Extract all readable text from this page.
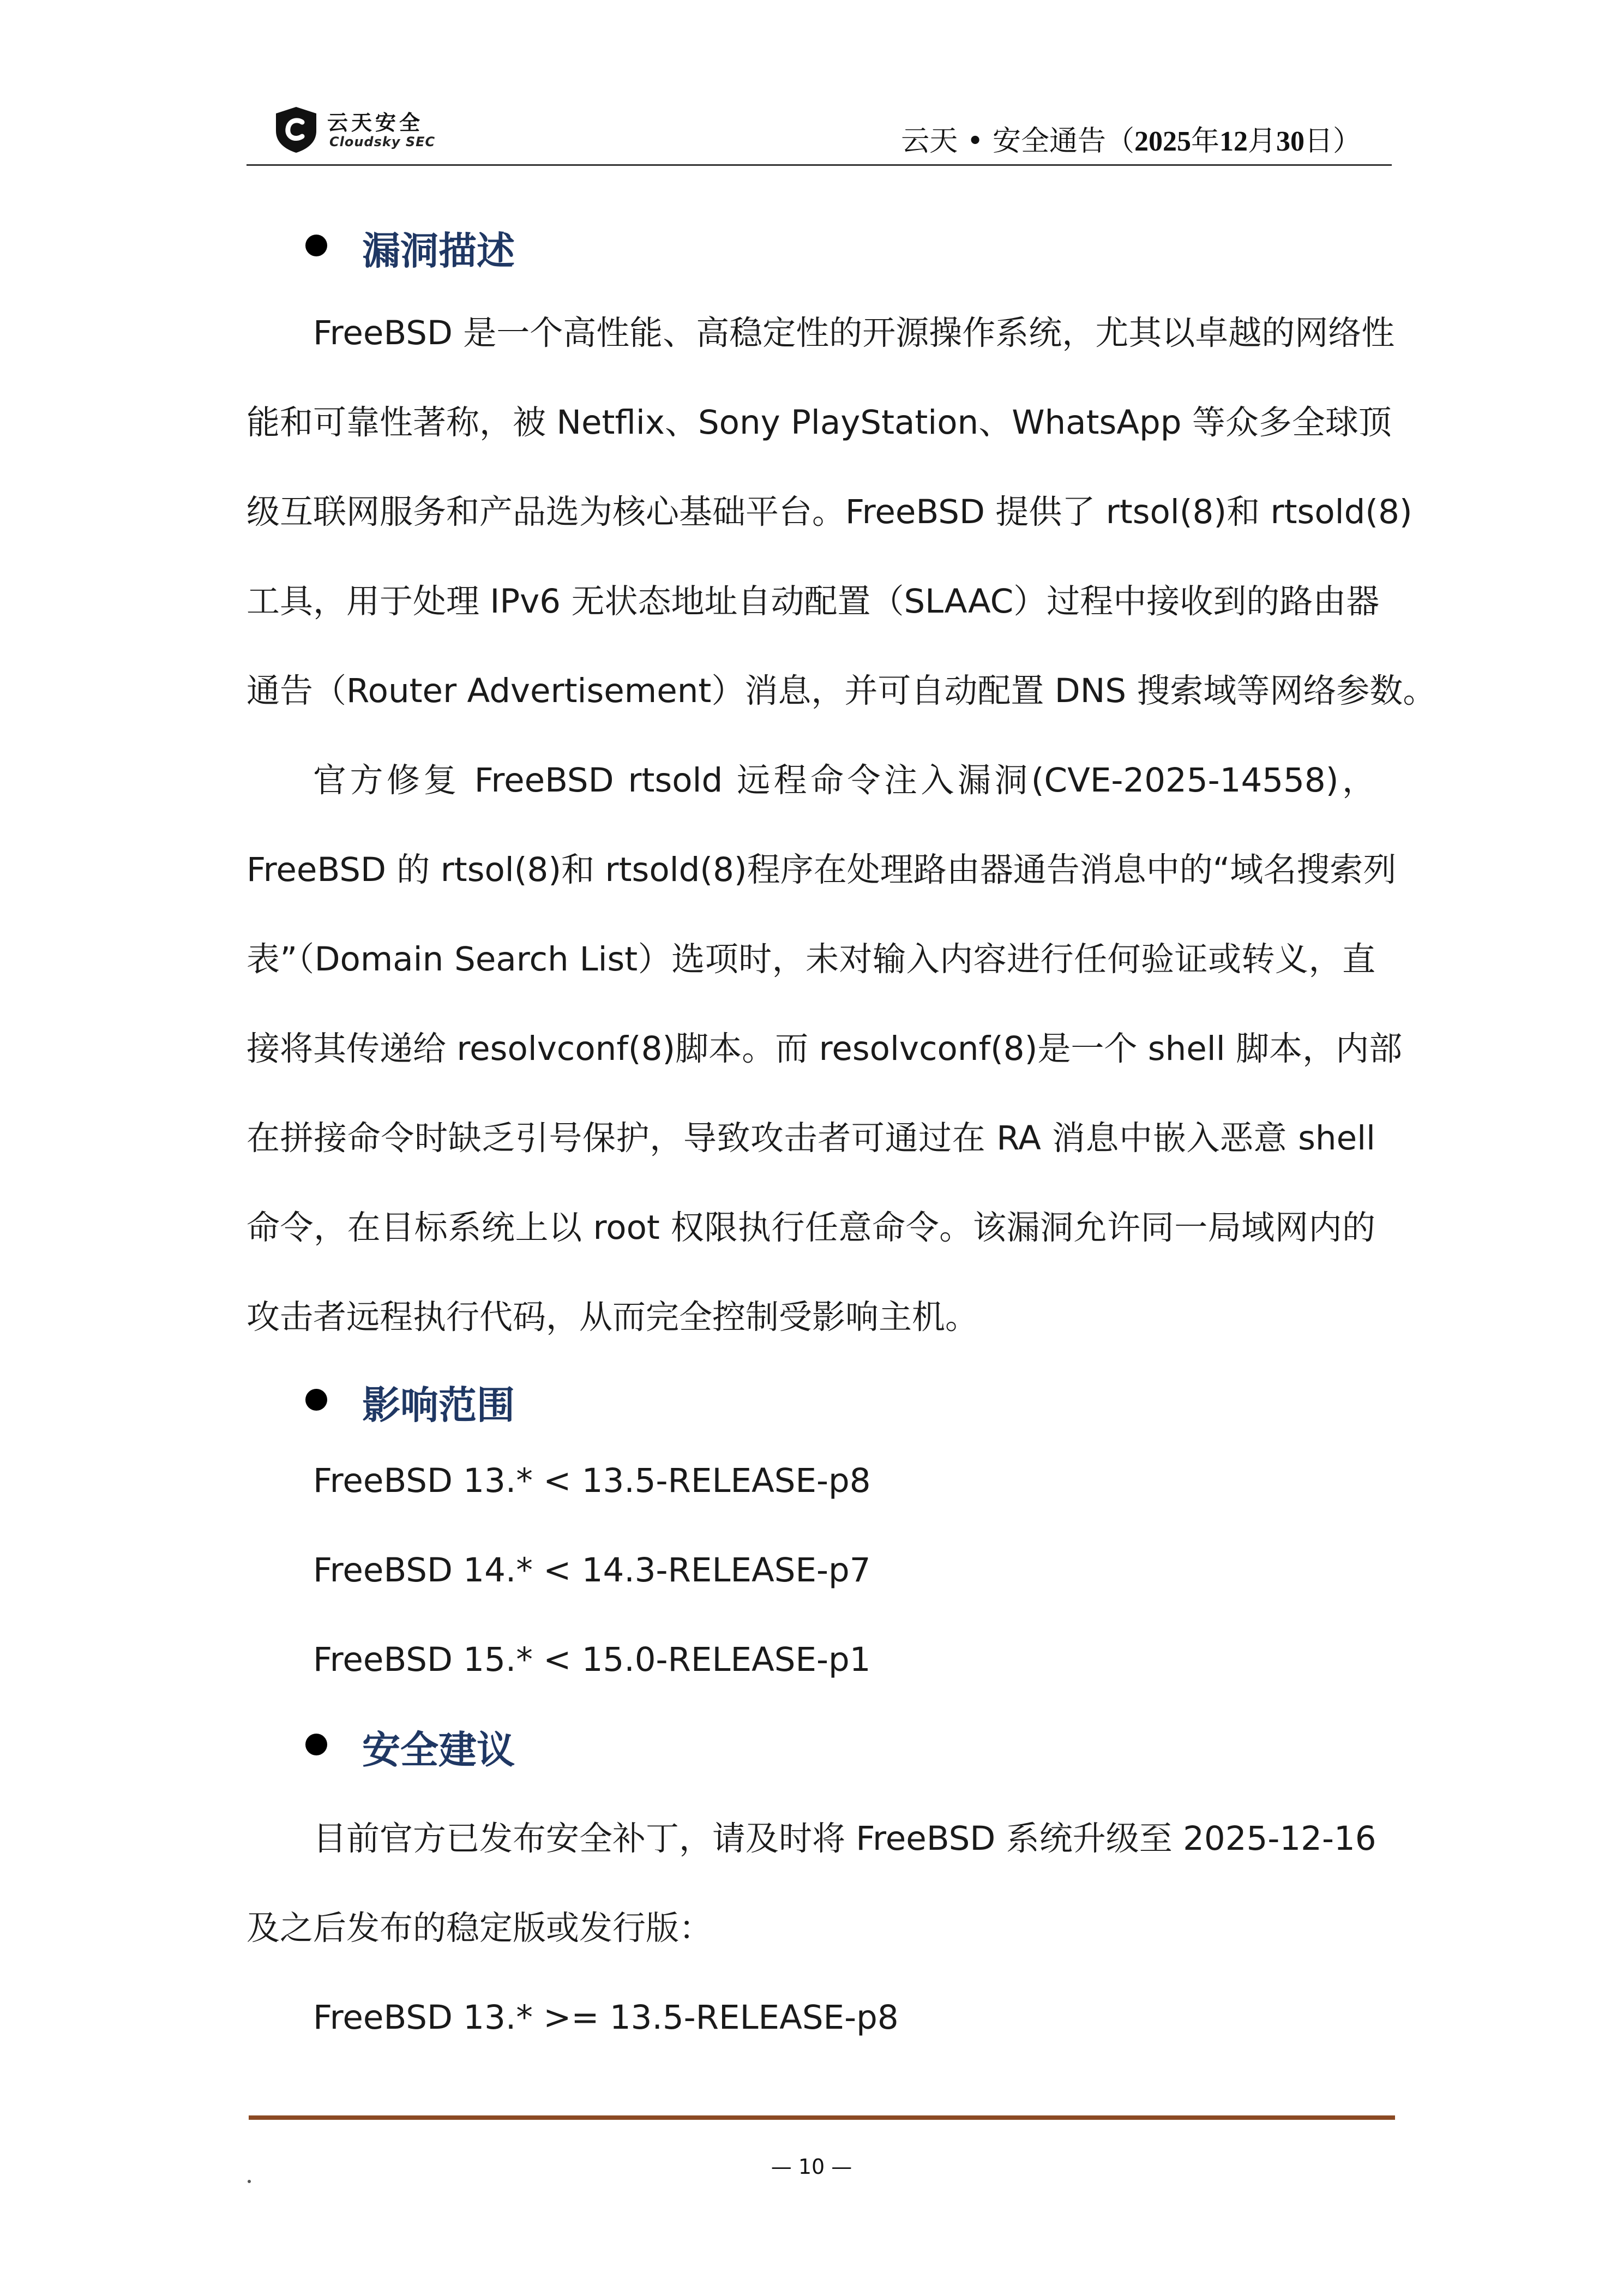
云天安全
Cloudsky SEC	云天 • 安全通告（2025年12月30日）
漏洞描述
FreeBSD 是一个高性能、高稳定性的开源操作系统，尤其以卓越的网络性
能和可靠性著称，被 Netflix、Sony PlayStation、WhatsApp 等众多全球顶
级互联网服务和产品选为核心基础平台。FreeBSD 提供了 rtsol(8)和 rtsold(8)
工具，用于处理 IPv6 无状态地址自动配置（SLAAC）过程中接收到的路由器
通告（Router Advertisement）消息，并可自动配置 DNS 搜索域等网络参数。
官方修复 FreeBSD rtsold 远程命令注入漏洞(CVE-2025-14558)，
FreeBSD 的 rtsol(8)和 rtsold(8)程序在处理路由器通告消息中的“域名搜索列
表”（Domain Search List）选项时，未对输入内容进行任何验证或转义，直
接将其传递给 resolvconf(8)脚本。而 resolvconf(8)是一个 shell 脚本，内部
在拼接命令时缺乏引号保护，导致攻击者可通过在 RA 消息中嵌入恶意 shell
命令，在目标系统上以 root 权限执行任意命令。该漏洞允许同一局域网内的
攻击者远程执行代码，从而完全控制受影响主机。
影响范围
FreeBSD 13.* < 13.5-RELEASE-p8
FreeBSD 14.* < 14.3-RELEASE-p7
FreeBSD 15.* < 15.0-RELEASE-p1
安全建议
目前官方已发布安全补丁，请及时将 FreeBSD 系统升级至 2025-12-16
及之后发布的稳定版或发行版：
FreeBSD 13.* >= 13.5-RELEASE-p8
— 10 —
